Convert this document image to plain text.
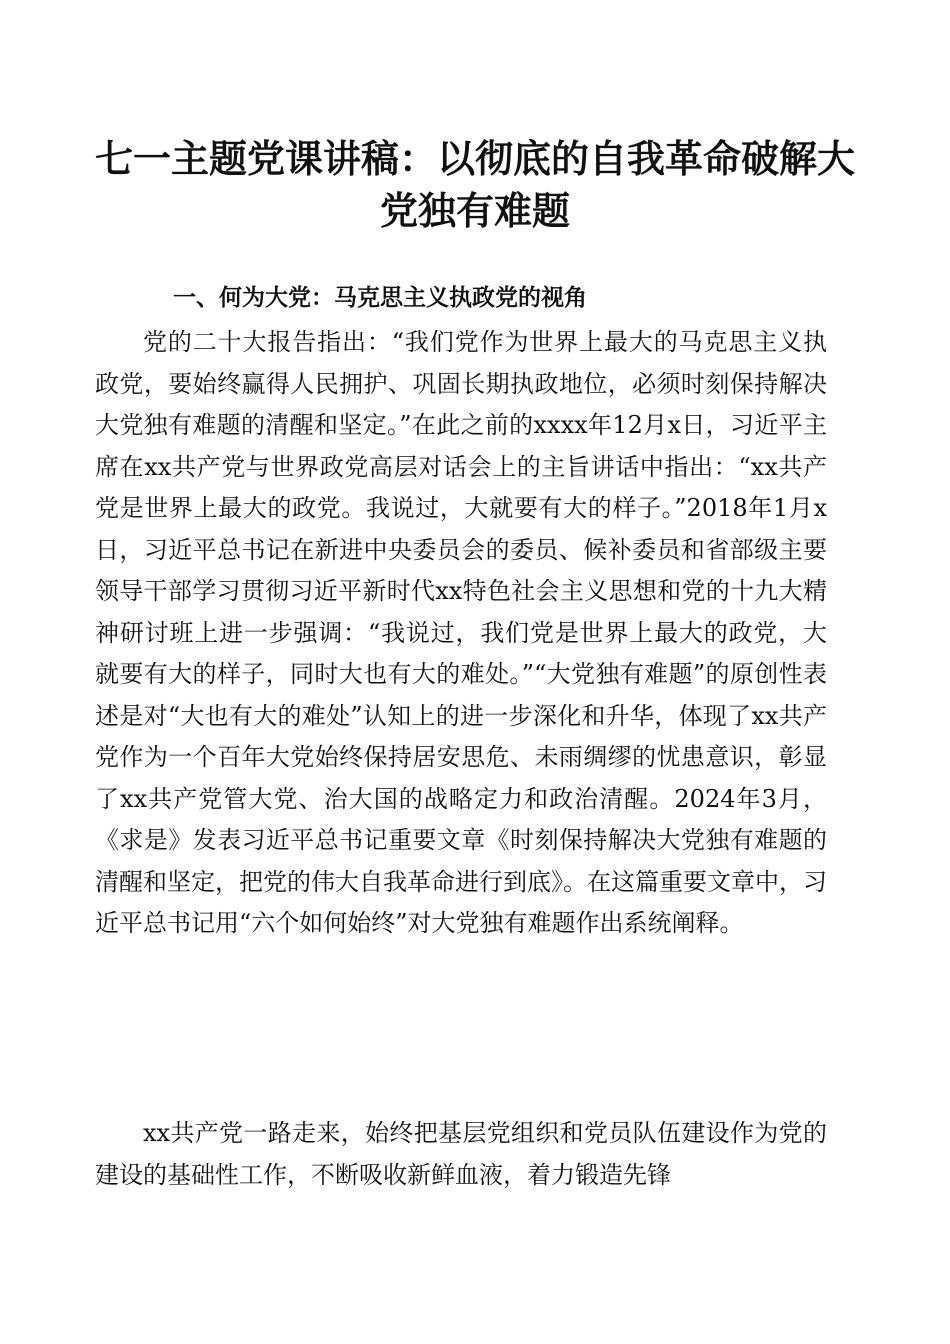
七一主题党课讲稿：以彻底的自我革命破解大党独有难题
一、何为大党：马克思主义执政党的视角

党的二十大报告指出：“我们党作为世界上最大的马克思主义执政党，要始终赢得人民拥护、巩固长期执政地位，必须时刻保持解决大党独有难题的清醒和坚定。”在此之前的xxxx年12月x日，习近平主席在xx共产党与世界政党高层对话会上的主旨讲话中指出：“xx共产党是世界上最大的政党。我说过，大就要有大的样子。”2018年1月x日，习近平总书记在新进中央委员会的委员、候补委员和省部级主要领导干部学习贯彻习近平新时代xx特色社会主义思想和党的十九大精神研讨班上进一步强调：“我说过，我们党是世界上最大的政党，大就要有大的样子，同时大也有大的难处。”“大党独有难题”的原创性表述是对“大也有大的难处”认知上的进一步深化和升华，体现了xx共产党作为一个百年大党始终保持居安思危、未雨绸缪的忧患意识，彰显了xx共产党管大党、治大国的战略定力和政治清醒。2024年3月，《求是》发表习近平总书记重要文章《时刻保持解决大党独有难题的清醒和坚定，把党的伟大自我革命进行到底》。在这篇重要文章中，习近平总书记用“六个如何始终”对大党独有难题作出系统阐释。

xx共产党一路走来，始终把基层党组织和党员队伍建设作为党的建设的基础性工作，不断吸收新鲜血液，着力锻造先锋
